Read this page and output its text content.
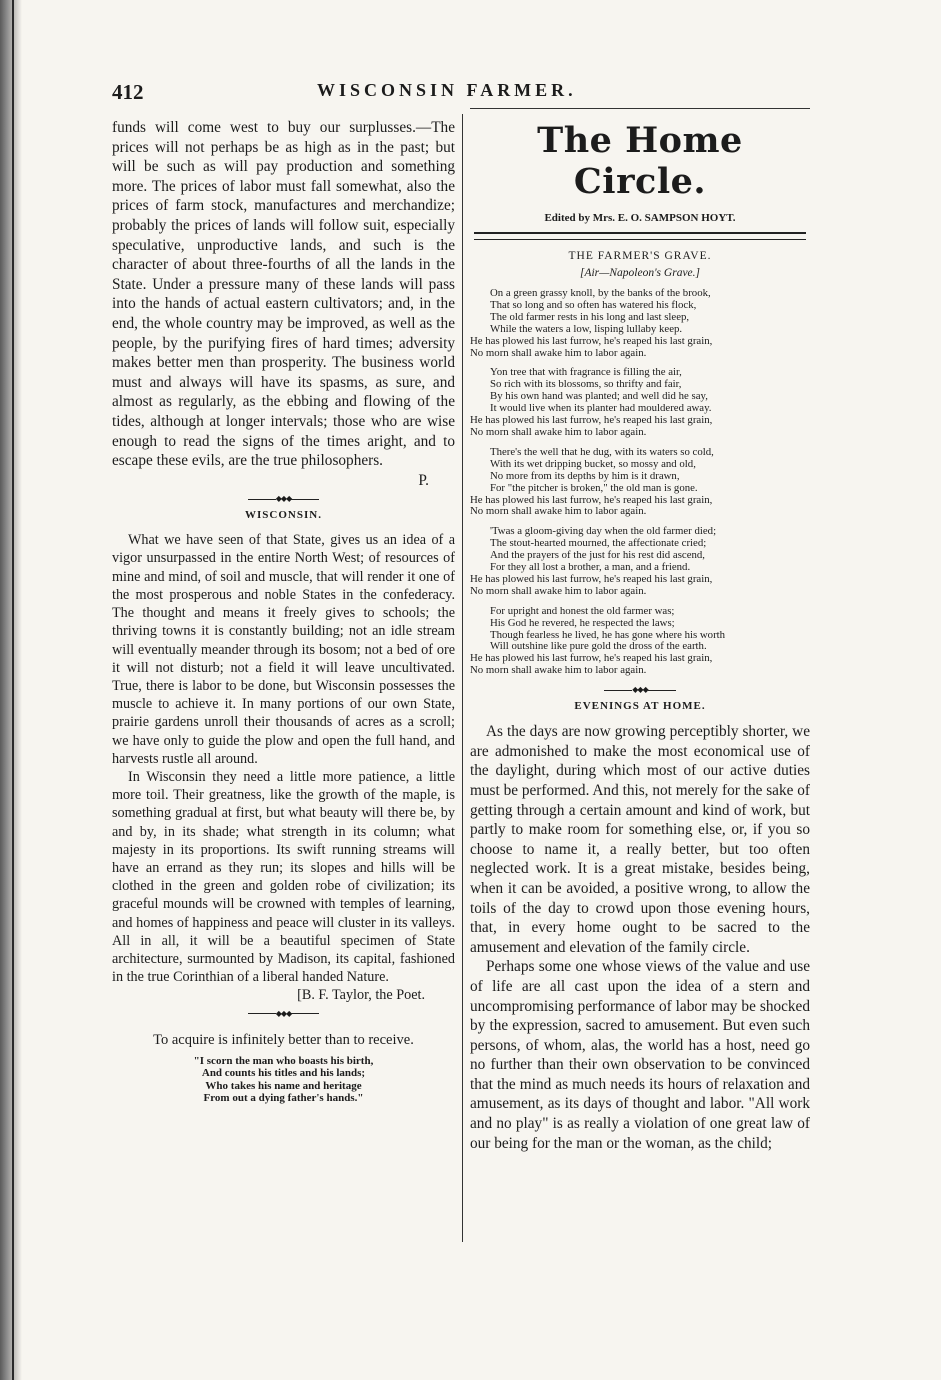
412	WISCONSIN FARMER.

funds will come west to buy our surplusses.—The prices will not perhaps be as high as in the past; but will be such as will pay production and something more. The prices of labor must fall somewhat, also the prices of farm stock, manufactures and merchandize; probably the prices of lands will follow suit, especially speculative, unproductive lands, and such is the character of about three-fourths of all the lands in the State. Under a pressure many of these lands will pass into the hands of actual eastern cultivators; and, in the end, the whole country may be improved, as well as the people, by the purifying fires of hard times; adversity makes better men than prosperity. The business world must and always will have its spasms, as sure, and almost as regularly, as the ebbing and flowing of the tides, although at longer intervals; those who are wise enough to read the signs of the times aright, and to escape these evils, are the true philosophers.

P.
◆◆◆
WISCONSIN.

What we have seen of that State, gives us an idea of a vigor unsurpassed in the entire North West; of resources of mine and mind, of soil and muscle, that will render it one of the most prosperous and noble States in the confederacy. The thought and means it freely gives to schools; the thriving towns it is constantly building; not an idle stream will eventually meander through its bosom; not a bed of ore it will not disturb; not a field it will leave uncultivated. True, there is labor to be done, but Wisconsin possesses the muscle to achieve it. In many portions of our own State, prairie gardens unroll their thousands of acres as a scroll; we have only to guide the plow and open the full hand, and harvests rustle all around.

In Wisconsin they need a little more patience, a little more toil. Their greatness, like the growth of the maple, is something gradual at first, but what beauty will there be, by and by, in its shade; what strength in its column; what majesty in its proportions. Its swift running streams will have an errand as they run; its slopes and hills will be clothed in the green and golden robe of civilization; its graceful mounds will be crowned with temples of learning, and homes of happiness and peace will cluster in its valleys. All in all, it will be a beautiful specimen of State architecture, surmounted by Madison, its capital, fashioned in the true Corinthian of a liberal handed Nature.

[B. F. Taylor, the Poet.
◆◆◆
To acquire is infinitely better than to receive.
"I scorn the man who boasts his birth,
And counts his titles and his lands;
Who takes his name and heritage
From out a dying father's hands."
The Home Circle.
Edited by Mrs. E. O. SAMPSON HOYT.
THE FARMER'S GRAVE.
[Air—Napoleon's Grave.]
On a green grassy knoll, by the banks of the brook,
That so long and so often has watered his flock,
The old farmer rests in his long and last sleep,
While the waters a low, lisping lullaby keep.
He has plowed his last furrow, he's reaped his last grain,
No morn shall awake him to labor again.
Yon tree that with fragrance is filling the air,
So rich with its blossoms, so thrifty and fair,
By his own hand was planted; and well did he say,
It would live when its planter had mouldered away.
He has plowed his last furrow, he's reaped his last grain,
No morn shall awake him to labor again.
There's the well that he dug, with its waters so cold,
With its wet dripping bucket, so mossy and old,
No more from its depths by him is it drawn,
For "the pitcher is broken," the old man is gone.
He has plowed his last furrow, he's reaped his last grain,
No morn shall awake him to labor again.
'Twas a gloom-giving day when the old farmer died;
The stout-hearted mourned, the affectionate cried;
And the prayers of the just for his rest did ascend,
For they all lost a brother, a man, and a friend.
He has plowed his last furrow, he's reaped his last grain,
No morn shall awake him to labor again.
For upright and honest the old farmer was;
His God he revered, he respected the laws;
Though fearless he lived, he has gone where his worth
Will outshine like pure gold the dross of the earth.
He has plowed his last furrow, he's reaped his last grain,
No morn shall awake him to labor again.
◆◆◆
EVENINGS AT HOME.

As the days are now growing perceptibly shorter, we are admonished to make the most economical use of the daylight, during which most of our active duties must be performed. And this, not merely for the sake of getting through a certain amount and kind of work, but partly to make room for something else, or, if you so choose to name it, a really better, but too often neglected work. It is a great mistake, besides being, when it can be avoided, a positive wrong, to allow the toils of the day to crowd upon those evening hours, that, in every home ought to be sacred to the amusement and elevation of the family circle.

Perhaps some one whose views of the value and use of life are all cast upon the idea of a stern and uncompromising performance of labor may be shocked by the expression, sacred to amusement. But even such persons, of whom, alas, the world has a host, need go no further than their own observation to be convinced that the mind as much needs its hours of relaxation and amusement, as its days of thought and labor. "All work and no play" is as really a violation of one great law of our being for the man or the woman, as the child;
